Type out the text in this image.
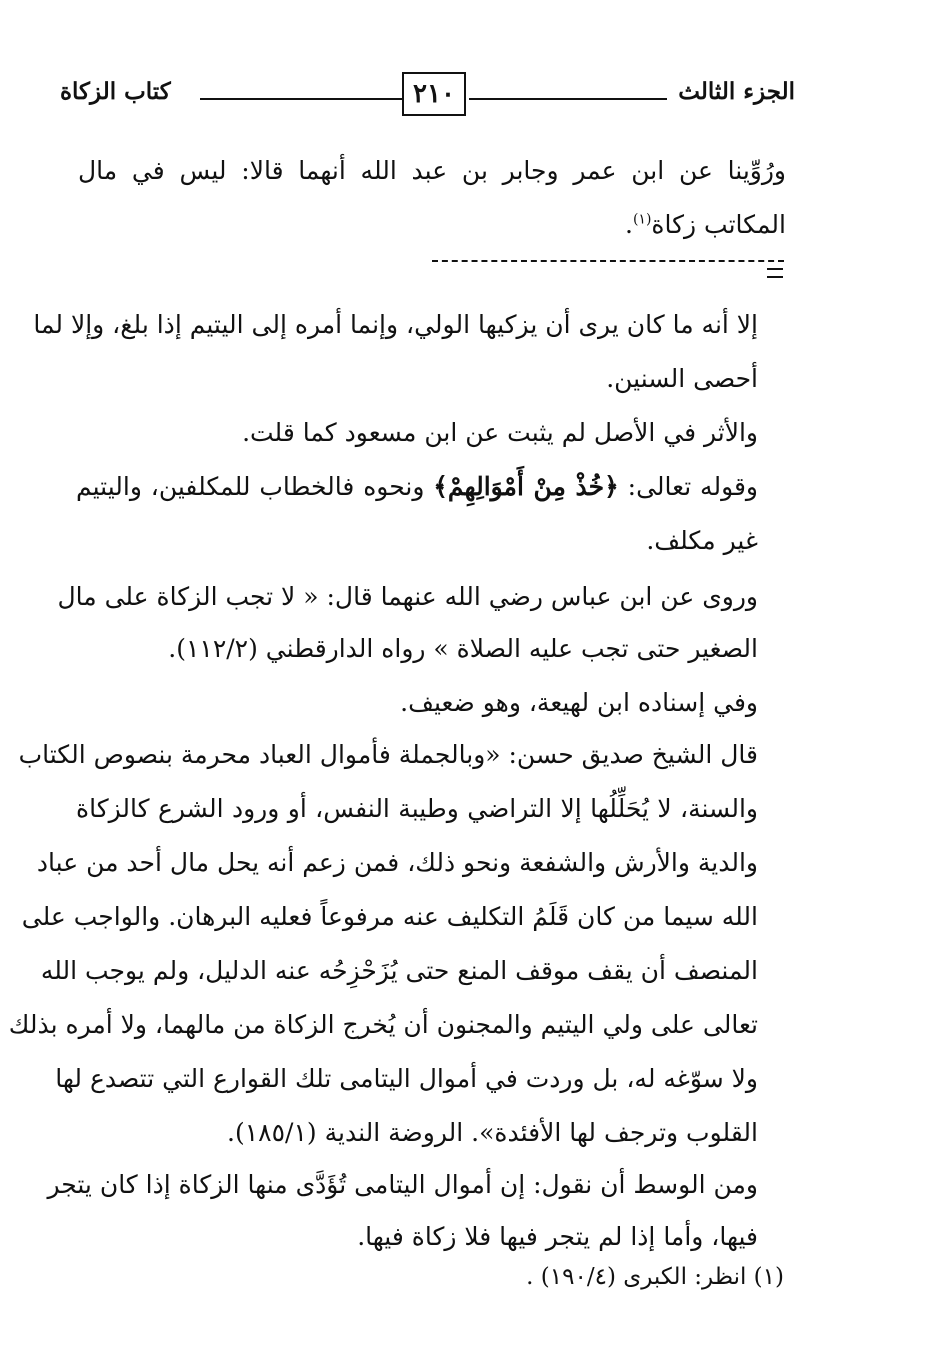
الجزء الثالث
٢١٠
كتاب الزكاة
ورُوِّينا عن ابن عمر وجابر بن عبد الله أنهما قالا: ليس في مال
المكاتب زكاة$^{(١)}$.
إلا أنه ما كان يرى أن يزكيها الولي، وإنما أمره إلى اليتيم إذا بلغ، وإلا لما
أحصى السنين.
والأثر في الأصل لم يثبت عن ابن مسعود كما قلت.
وقوله تعالى: ﴿خُذْ مِنْ أَمْوَالِهِمْ﴾ ونحوه فالخطاب للمكلفين، واليتيم
غير مكلف.
وروى عن ابن عباس رضي الله عنهما قال: « لا تجب الزكاة على مال
الصغير حتى تجب عليه الصلاة » رواه الدارقطني (١١٢/٢).
وفي إسناده ابن لهيعة، وهو ضعيف.
قال الشيخ صديق حسن: «وبالجملة فأموال العباد محرمة بنصوص الكتاب
والسنة، لا يُحَلِّلُها إلا التراضي وطيبة النفس، أو ورود الشرع كالزكاة
والدية والأرش والشفعة ونحو ذلك، فمن زعم أنه يحل مال أحد من عباد
الله سيما من كان قَلَمُ التكليف عنه مرفوعاً فعليه البرهان. والواجب على
المنصف أن يقف موقف المنع حتى يُزَحْزِحُه عنه الدليل، ولم يوجب الله
تعالى على ولي اليتيم والمجنون أن يُخرج الزكاة من مالهما، ولا أمره بذلك
ولا سوّغه له، بل وردت في أموال اليتامى تلك القوارع التي تتصدع لها
القلوب وترجف لها الأفئدة». الروضة الندية (١٨٥/١).
ومن الوسط أن نقول: إن أموال اليتامى تُؤَدَّى منها الزكاة إذا كان يتجر
فيها، وأما إذا لم يتجر فيها فلا زكاة فيها.
(١) انظر: الكبرى (١٩٠/٤) .
